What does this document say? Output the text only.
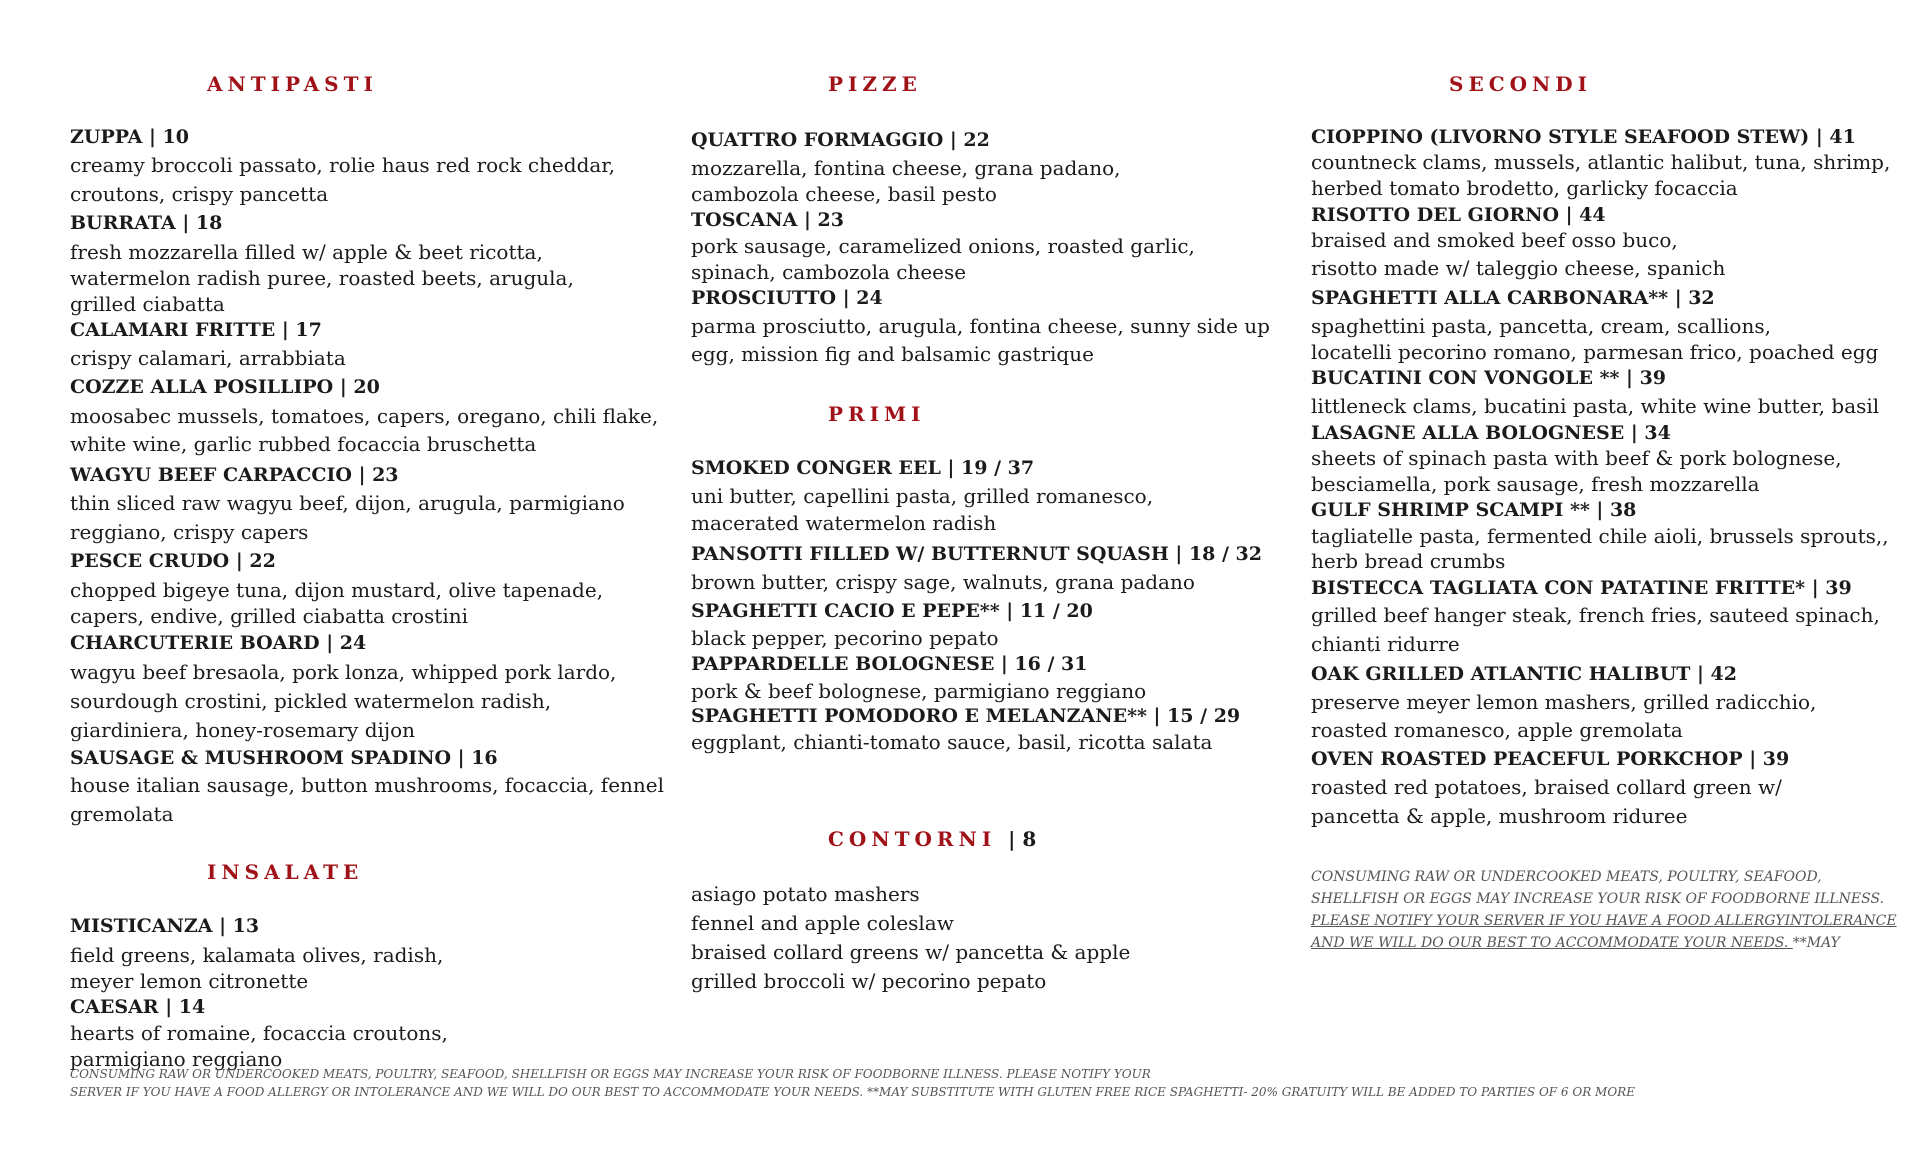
ANTIPASTI
ZUPPA | 10
creamy broccoli passato, rolie haus red rock cheddar,
croutons, crispy pancetta
BURRATA | 18
fresh mozzarella filled w/ apple & beet ricotta,
watermelon radish puree, roasted beets, arugula,
grilled ciabatta
CALAMARI FRITTE | 17
crispy calamari, arrabbiata
COZZE ALLA POSILLIPO | 20
moosabec mussels, tomatoes, capers, oregano, chili flake,
white wine, garlic rubbed focaccia bruschetta
WAGYU BEEF CARPACCIO | 23
thin sliced raw wagyu beef, dijon, arugula, parmigiano
reggiano, crispy capers
PESCE CRUDO | 22
chopped bigeye tuna, dijon mustard, olive tapenade,
capers, endive, grilled ciabatta crostini
CHARCUTERIE BOARD | 24
wagyu beef bresaola, pork lonza, whipped pork lardo,
sourdough crostini, pickled watermelon radish,
giardiniera, honey-rosemary dijon
SAUSAGE & MUSHROOM SPADINO | 16
house italian sausage, button mushrooms, focaccia, fennel
gremolata
INSALATE
MISTICANZA | 13
field greens, kalamata olives, radish,
meyer lemon citronette
CAESAR | 14
hearts of romaine, focaccia croutons,
parmigiano reggiano
PIZZE
QUATTRO FORMAGGIO | 22
mozzarella, fontina cheese, grana padano,
cambozola cheese, basil pesto
TOSCANA | 23
pork sausage, caramelized onions, roasted garlic,
spinach, cambozola cheese
PROSCIUTTO | 24
parma prosciutto, arugula, fontina cheese, sunny side up
egg, mission fig and balsamic gastrique
PRIMI
SMOKED CONGER EEL | 19 / 37
uni butter, capellini pasta, grilled romanesco,
macerated watermelon radish
PANSOTTI FILLED W/ BUTTERNUT SQUASH | 18 / 32
brown butter, crispy sage, walnuts, grana padano
SPAGHETTI CACIO E PEPE** | 11 / 20
black pepper, pecorino pepato
PAPPARDELLE BOLOGNESE | 16 / 31
pork & beef bolognese, parmigiano reggiano
SPAGHETTI POMODORO E MELANZANE** | 15 / 29
eggplant, chianti-tomato sauce, basil, ricotta salata
CONTORNI | 8
asiago potato mashers
fennel and apple coleslaw
braised collard greens w/ pancetta & apple
grilled broccoli w/ pecorino pepato
SECONDI
CIOPPINO (LIVORNO STYLE SEAFOOD STEW) | 41
countneck clams, mussels, atlantic halibut, tuna, shrimp,
herbed tomato brodetto, garlicky focaccia
RISOTTO DEL GIORNO | 44
braised and smoked beef osso buco,
risotto made w/ taleggio cheese, spanich
SPAGHETTI ALLA CARBONARA** | 32
spaghettini pasta, pancetta, cream, scallions,
locatelli pecorino romano, parmesan frico, poached egg
BUCATINI CON VONGOLE ** | 39
littleneck clams, bucatini pasta, white wine butter, basil
LASAGNE ALLA BOLOGNESE | 34
sheets of spinach pasta with beef & pork bolognese,
besciamella, pork sausage, fresh mozzarella
GULF SHRIMP SCAMPI ** | 38
tagliatelle pasta, fermented chile aioli, brussels sprouts,,
herb bread crumbs
BISTECCA TAGLIATA CON PATATINE FRITTE* | 39
grilled beef hanger steak, french fries, sauteed spinach,
chianti ridurre
OAK GRILLED ATLANTIC HALIBUT | 42
preserve meyer lemon mashers, grilled radicchio,
roasted romanesco, apple gremolata
OVEN ROASTED PEACEFUL PORKCHOP | 39
roasted red potatoes, braised collard green w/
pancetta & apple, mushroom riduree
CONSUMING RAW OR UNDERCOOKED MEATS, POULTRY, SEAFOOD,
SHELLFISH OR EGGS MAY INCREASE YOUR RISK OF FOODBORNE ILLNESS.
PLEASE NOTIFY YOUR SERVER IF YOU HAVE A FOOD ALLERGYINTOLERANCE
AND WE WILL DO OUR BEST TO ACCOMMODATE YOUR NEEDS. **MAY
CONSUMING RAW OR UNDERCOOKED MEATS, POULTRY, SEAFOOD, SHELLFISH OR EGGS MAY INCREASE YOUR RISK OF FOODBORNE ILLNESS. PLEASE NOTIFY YOUR
SERVER IF YOU HAVE A FOOD ALLERGY OR INTOLERANCE AND WE WILL DO OUR BEST TO ACCOMMODATE YOUR NEEDS. **MAY SUBSTITUTE WITH GLUTEN FREE RICE SPAGHETTI- 20% GRATUITY WILL BE ADDED TO PARTIES OF 6 OR MORE
